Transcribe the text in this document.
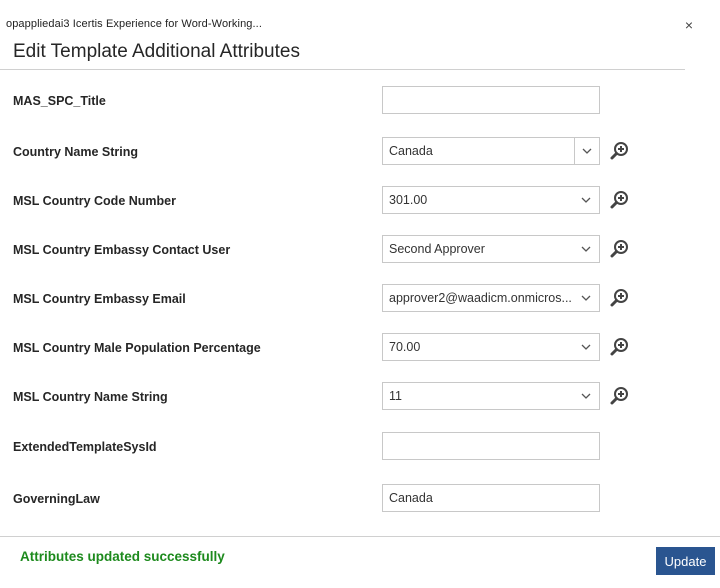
opappliedai3 Icertis Experience for Word-Working...	×
Edit Template Additional Attributes
MAS_SPC_Title
Country Name String	Canada
MSL Country Code Number	301.00
MSL Country Embassy Contact User	Second Approver
MSL Country Embassy Email	approver2@waadicm.onmicros...
MSL Country Male Population Percentage	70.00
MSL Country Name String	11
ExtendedTemplateSysId
GoverningLaw	Canada
Attributes updated successfully	Update
